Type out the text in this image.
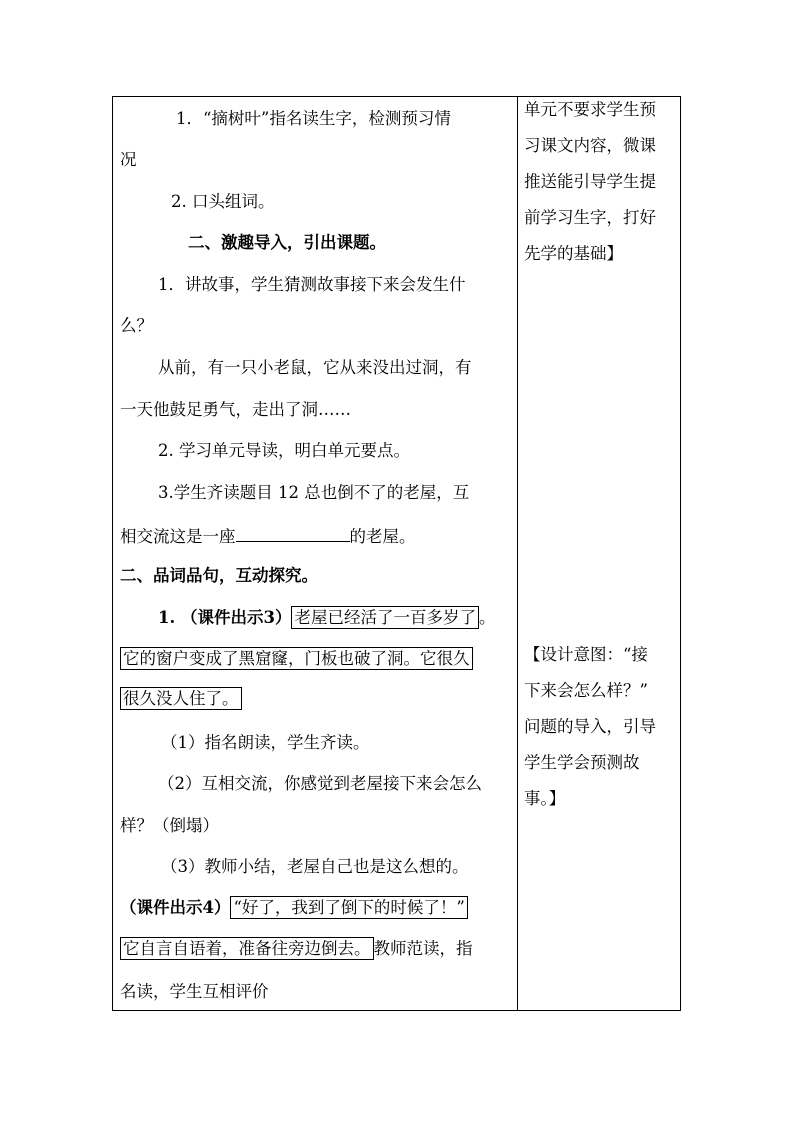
1．“摘树叶”指名读生字，检测预习情
况
2. 口头组词。
二、激趣导入，引出课题。
1．讲故事，学生猜测故事接下来会发生什
么？
从前，有一只小老鼠，它从来没出过洞，有
一天他鼓足勇气，走出了洞……
2. 学习单元导读，明白单元要点。
3.学生齐读题目 12 总也倒不了的老屋，互
相交流这是一座	的老屋。
二、品词品句，互动探究。
1. （课件出示3） 老屋已经活了一百多岁了 。
它的窗户变成了黑窟窿，门板也破了洞。它很久
很久没人住了。
（1）指名朗读，学生齐读。
（2）互相交流，你感觉到老屋接下来会怎么
样？（倒塌）
（3）教师小结，老屋自己也是这么想的。
（课件出示4） “好了，我到了倒下的时候了！”
它自言自语着，准备往旁边倒去。 教师范读，指
名读，学生互相评价
单元不要求学生预
习课文内容，微课
推送能引导学生提
前学习生字，打好
先学的基础】
【设计意图：“接
下来会怎么样？”
问题的导入，引导
学生学会预测故
事。】
